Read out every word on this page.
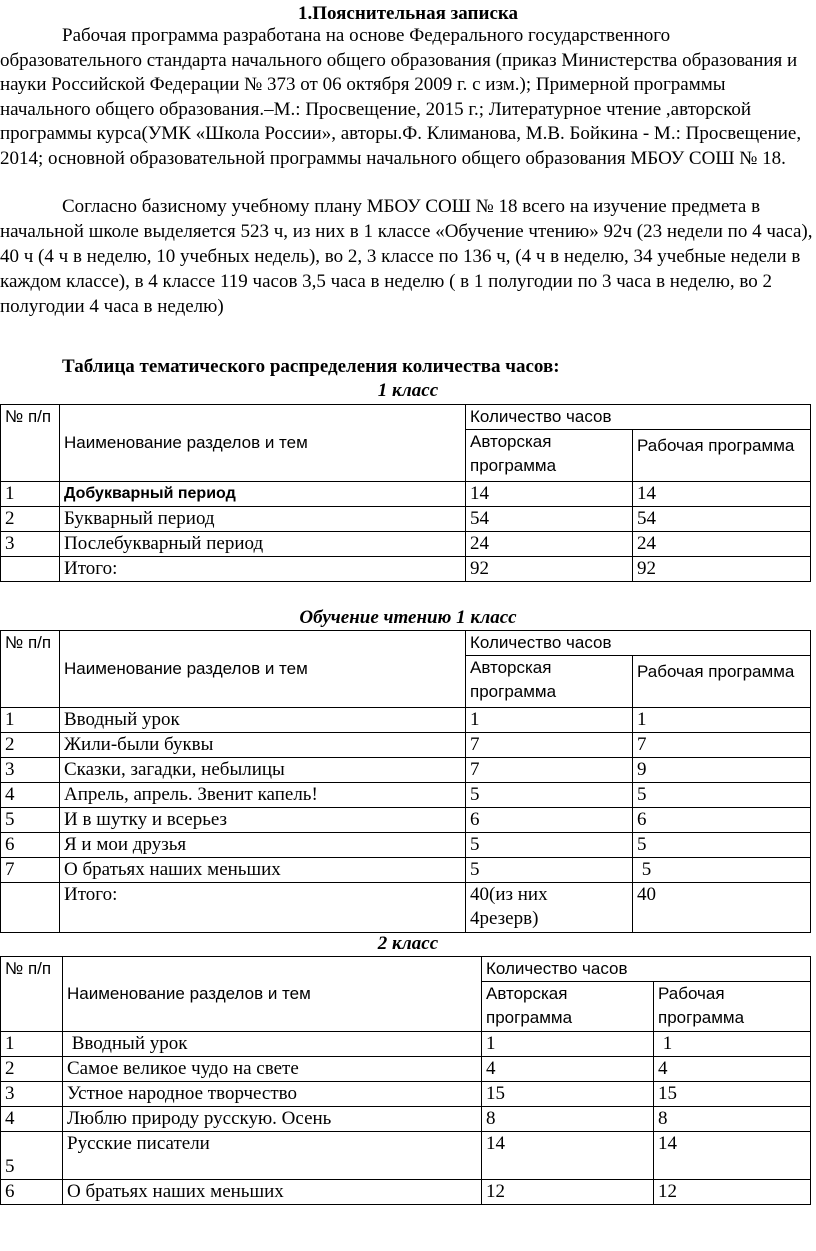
1.Пояснительная записка
Рабочая программа разработана на основе Федерального государственного образовательного стандарта начального общего образования (приказ Министерства образования и науки Российской Федерации № 373 от 06 октября 2009 г. с изм.); Примерной программы начального общего образования.–М.: Просвещение, 2015 г.; Литературное чтение ,авторской программы курса(УМК «Школа России», авторы.Ф. Климанова, М.В. Бойкина - М.: Просвещение, 2014; основной образовательной программы начального общего образования МБОУ СОШ № 18.
Согласно базисному учебному плану МБОУ СОШ № 18 всего на изучение предмета в начальной школе выделяется 523 ч, из них в 1 классе «Обучение чтению» 92ч (23 недели по 4 часа), 40 ч (4 ч в неделю, 10 учебных недель), во 2, 3 классе по 136 ч, (4 ч в неделю, 34 учебные недели в каждом классе), в 4 классе 119 часов 3,5 часа в неделю ( в 1 полугодии по 3 часа в неделю, во 2 полугодии 4 часа в неделю)
Таблица тематического распределения количества часов:
1 класс
№ п/п	Наименование разделов и тем	Количество часов	
		Авторская программа	Рабочая программа
1	Добукварный период	14	14
2	Букварный период	54	54
3	Послебукварный период	24	24
	Итого:	92	92
Обучение чтению 1 класс
№ п/п	Наименование разделов и тем	Количество часов	
		Авторская программа	Рабочая программа
1	Вводный урок	1	1
2	Жили-были буквы	7	7
3	Сказки, загадки, небылицы	7	9
4	Апрель, апрель. Звенит капель!	5	5
5	И в шутку и всерьез	6	6
6	Я и мои друзья	5	5
7	О братьях наших меньших	5	5
	Итого:	40(из них 4резерв)	40
2 класс
№ п/п	Наименование разделов и тем	Количество часов	
		Авторская программа	Рабочая программа
1	Вводный урок	1	1
2	Самое великое чудо на свете	4	4
3	Устное народное творчество	15	15
4	Люблю природу русскую. Осень	8	8
5	Русские писатели	14	14
6	О братьях наших меньших	12	12
